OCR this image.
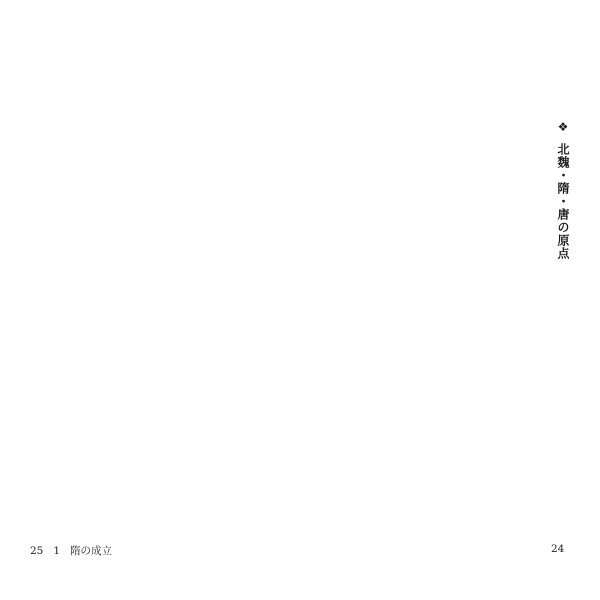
❖ 北魏・隋・唐の原点
25 1 隋の成立	24
